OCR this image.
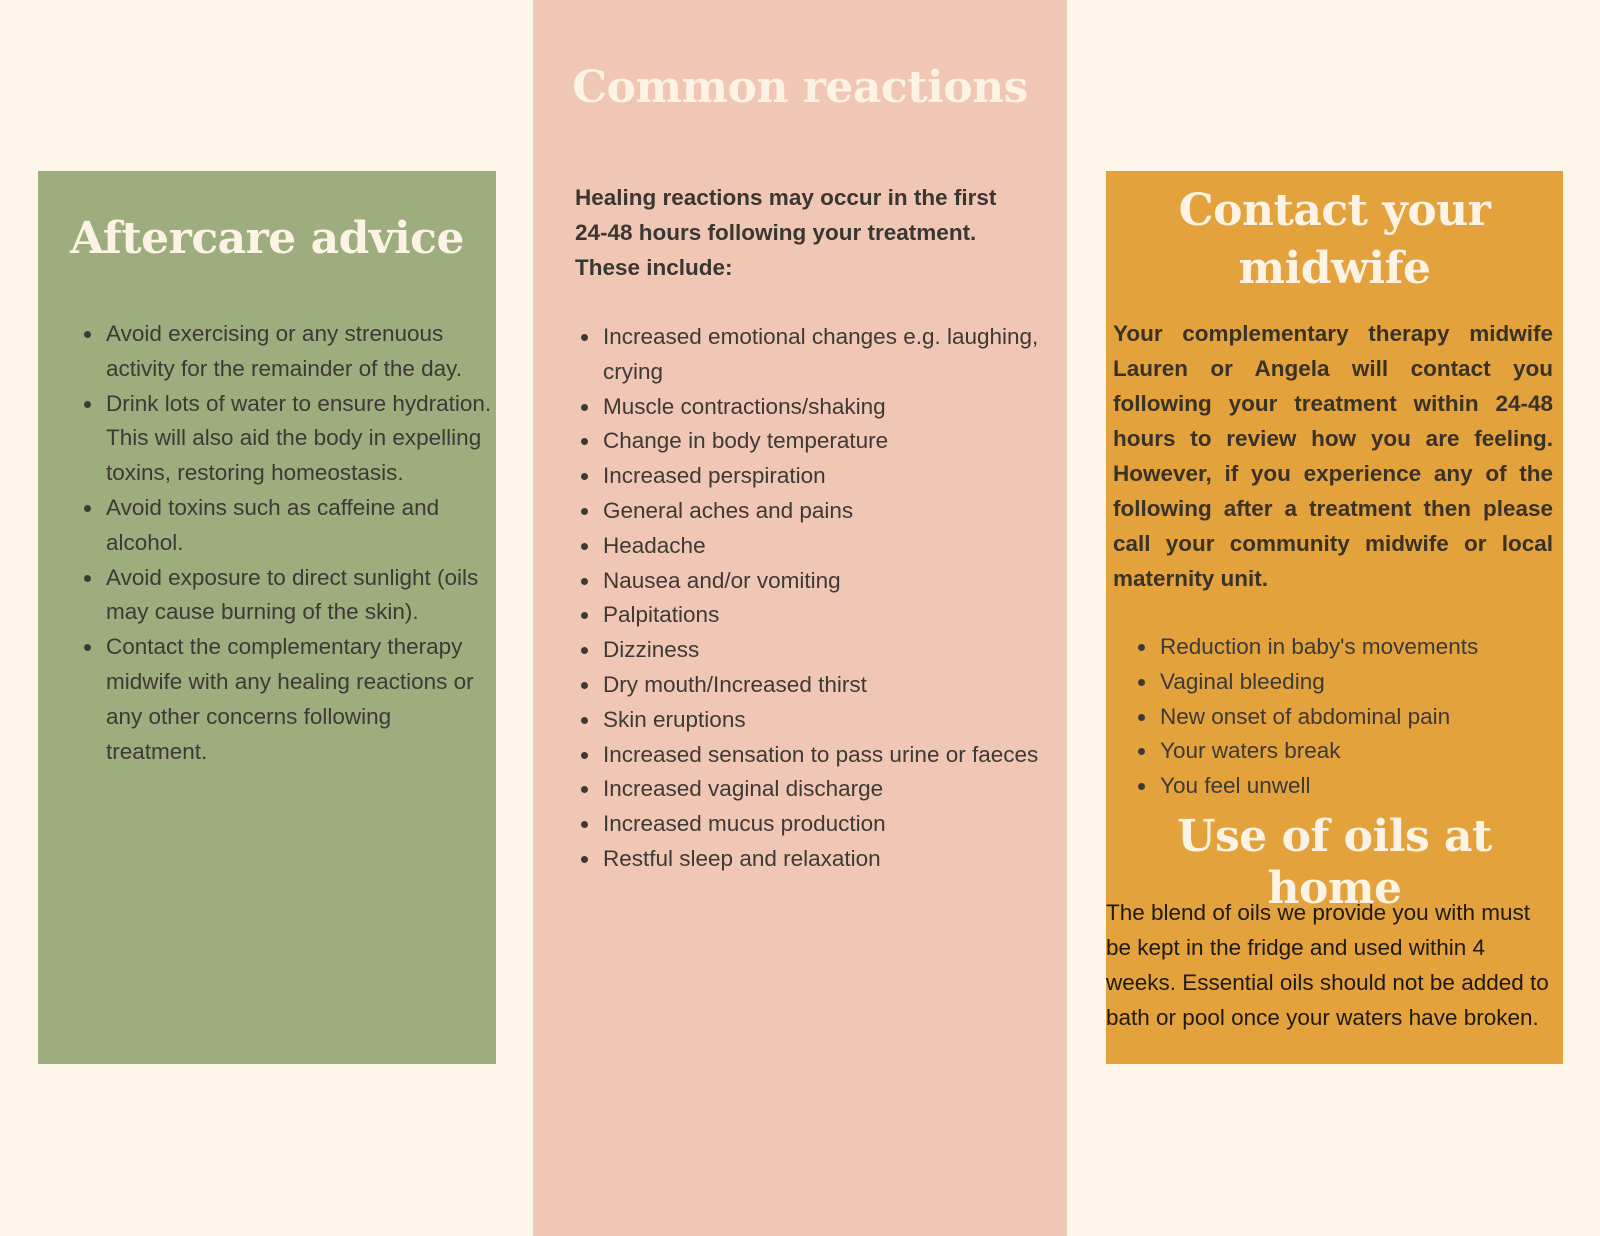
Aftercare advice
• Avoid exercising or any strenuous activity for the remainder of the day.
• Drink lots of water to ensure hydration. This will also aid the body in expelling toxins, restoring homeostasis.
• Avoid toxins such as caffeine and alcohol.
• Avoid exposure to direct sunlight (oils may cause burning of the skin).
• Contact the complementary therapy midwife with any healing reactions or any other concerns following treatment.
Common reactions

Healing reactions may occur in the first 24-48 hours following your treatment. These include:

• Increased emotional changes e.g. laughing, crying
• Muscle contractions/shaking
• Change in body temperature
• Increased perspiration
• General aches and pains
• Headache
• Nausea and/or vomiting
• Palpitations
• Dizziness
• Dry mouth/Increased thirst
• Skin eruptions
• Increased sensation to pass urine or faeces
• Increased vaginal discharge
• Increased mucus production
• Restful sleep and relaxation
Contact your midwife

Your complementary therapy midwife Lauren or Angela will contact you following your treatment within 24-48 hours to review how you are feeling. However, if you experience any of the following after a treatment then please call your community midwife or local maternity unit.

• Reduction in baby's movements
• Vaginal bleeding
• New onset of abdominal pain
• Your waters break
• You feel unwell
Use of oils at home

The blend of oils we provide you with must be kept in the fridge and used within 4 weeks. Essential oils should not be added to bath or pool once your waters have broken.
